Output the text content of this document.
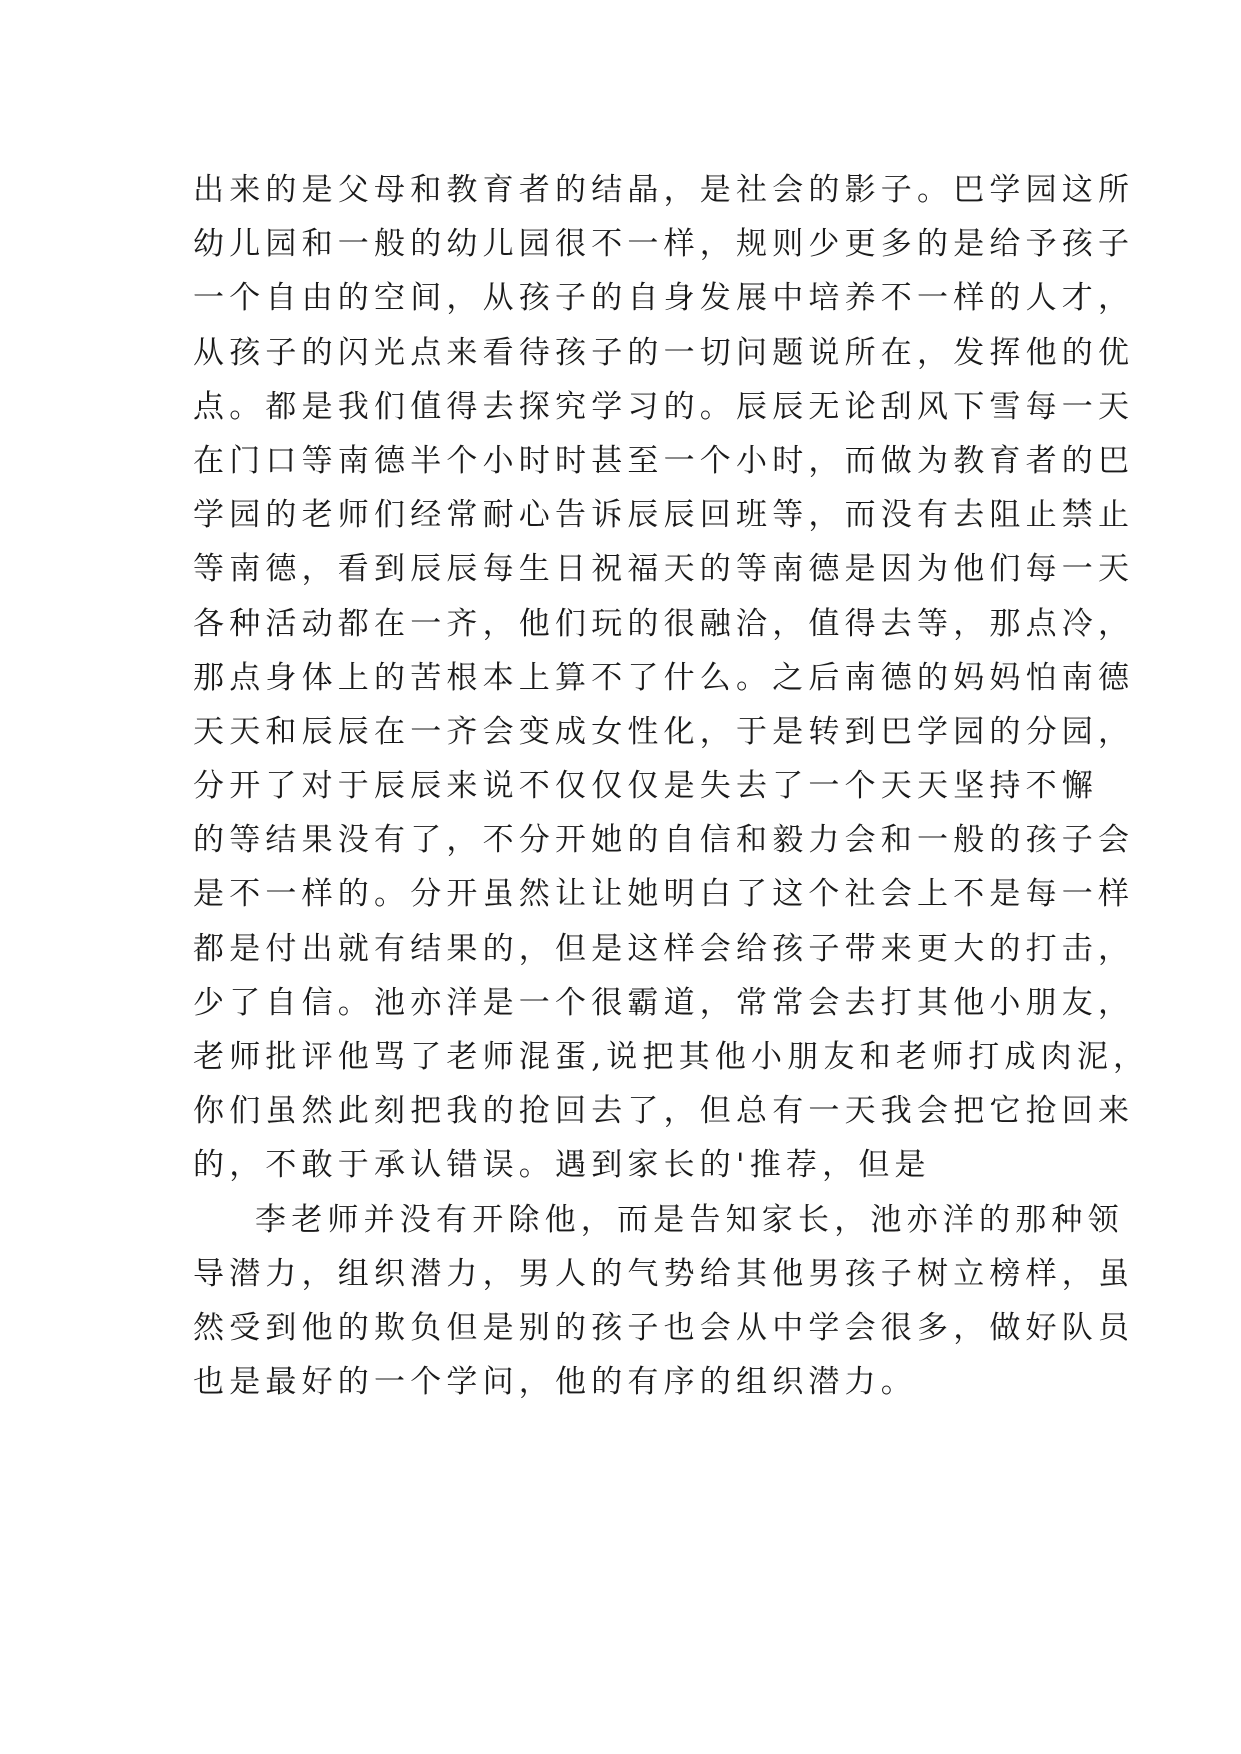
出来的是父母和教育者的结晶，是社会的影子。巴学园这所
幼儿园和一般的幼儿园很不一样，规则少更多的是给予孩子
一个自由的空间，从孩子的自身发展中培养不一样的人才，
从孩子的闪光点来看待孩子的一切问题说所在，发挥他的优
点。都是我们值得去探究学习的。辰辰无论刮风下雪每一天
在门口等南德半个小时时甚至一个小时，而做为教育者的巴
学园的老师们经常耐心告诉辰辰回班等，而没有去阻止禁止
等南德，看到辰辰每生日祝福天的等南德是因为他们每一天
各种活动都在一齐，他们玩的很融洽，值得去等，那点冷，
那点身体上的苦根本上算不了什么。之后南德的妈妈怕南德
天天和辰辰在一齐会变成女性化，于是转到巴学园的分园，
分开了对于辰辰来说不仅仅仅是失去了一个天天坚持不懈
的等结果没有了，不分开她的自信和毅力会和一般的孩子会
是不一样的。分开虽然让让她明白了这个社会上不是每一样
都是付出就有结果的，但是这样会给孩子带来更大的打击，
少了自信。池亦洋是一个很霸道，常常会去打其他小朋友，
老师批评他骂了老师混蛋,说把其他小朋友和老师打成肉泥，
你们虽然此刻把我的抢回去了，但总有一天我会把它抢回来
的，不敢于承认错误。遇到家长的'推荐，但是
李老师并没有开除他，而是告知家长，池亦洋的那种领
导潜力，组织潜力，男人的气势给其他男孩子树立榜样，虽
然受到他的欺负但是别的孩子也会从中学会很多，做好队员
也是最好的一个学问，他的有序的组织潜力。
